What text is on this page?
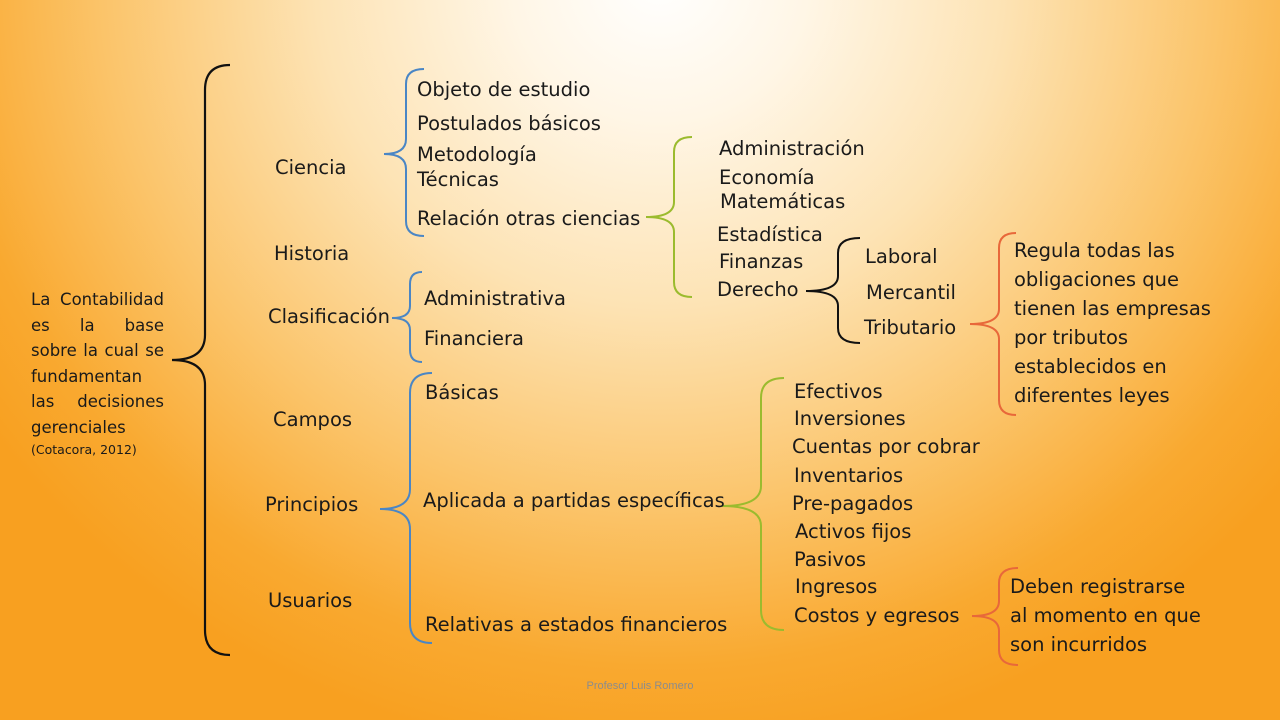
La Contabilidad es la base sobre la cual se fundamentan las decisiones gerenciales
(Cotacora, 2012)
Ciencia
Historia
Clasificación
Campos
Principios
Usuarios
Objeto de estudio
Postulados básicos
Metodología
Técnicas
Relación otras ciencias
Administración
Economía
Matemáticas
Estadística
Finanzas
Derecho
Laboral
Mercantil
Tributario
Regula todas las
obligaciones que
tienen las empresas
por tributos
establecidos en
diferentes leyes
Administrativa
Financiera
Básicas
Aplicada a partidas específicas
Relativas a estados financieros
Efectivos
Inversiones
Cuentas por cobrar
Inventarios
Pre-pagados
Activos fijos
Pasivos
Ingresos
Costos y egresos
Deben registrarse
al momento en que
son incurridos
Profesor Luis Romero
